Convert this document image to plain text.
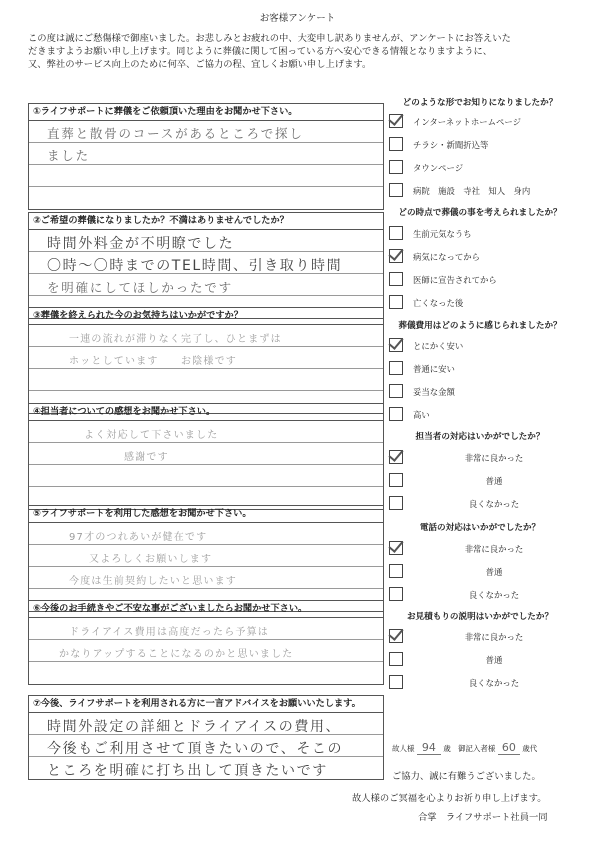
お客様アンケート
この度は誠にご愁傷様で御座いました。お悲しみとお疲れの中、大変申し訳ありませんが、アンケートにお答えいた
だきますようお願い申し上げます。同じように葬儀に関して困っている方へ安心できる情報となりますように、
又、弊社のサービス向上のために何卒、ご協力の程、宜しくお願い申し上げます。
①ライフサポートに葬儀をご依頼頂いた理由をお聞かせ下さい。
直葬と散骨のコースがあるところで探し
ました
②ご希望の葬儀になりましたか？不満はありませんでしたか？
時間外料金が不明瞭でした
〇時～〇時までのTEL時間、引き取り時間
を明確にしてほしかったです
③葬儀を終えられた今のお気持ちはいかがですか？
一連の流れが滞りなく完了し、ひとまずは
ホッとしています　　お陰様です
④担当者についての感想をお聞かせ下さい。
よく対応して下さいました
感謝です
⑤ライフサポートを利用した感想をお聞かせ下さい。
97才のつれあいが健在です
又よろしくお願いします
今度は生前契約したいと思います
⑥今後のお手続きやご不安な事がございましたらお聞かせ下さい。
ドライアイス費用は高度だったら予算は
かなりアップすることになるのかと思いました
⑦今後、ライフサポートを利用される方に一言アドバイスをお願いいたします。
時間外設定の詳細とドライアイスの費用、
今後もご利用させて頂きたいので、そこの
ところを明確に打ち出して頂きたいです
どのような形でお知りになりましたか？
インターネットホームページ
チラシ・新聞折込等
タウンページ
病院　施設　寺社　知人　身内
どの時点で葬儀の事を考えられましたか？
生前元気なうち
病気になってから
医師に宣告されてから
亡くなった後
葬儀費用はどのように感じられましたか？
とにかく安い
普通に安い
妥当な金額
高い
担当者の対応はいかがでしたか？
非常に良かった
普通
良くなかった
電話の対応はいかがでしたか？
非常に良かった
普通
良くなかった
お見積もりの説明はいかがでしたか？
非常に良かった
普通
良くなかった
故人様 94 歳 御記入者様 60 歳代
ご協力、誠に有難うございました。
故人様のご冥福を心よりお祈り申し上げます。
合掌　ライフサポート社員一同
